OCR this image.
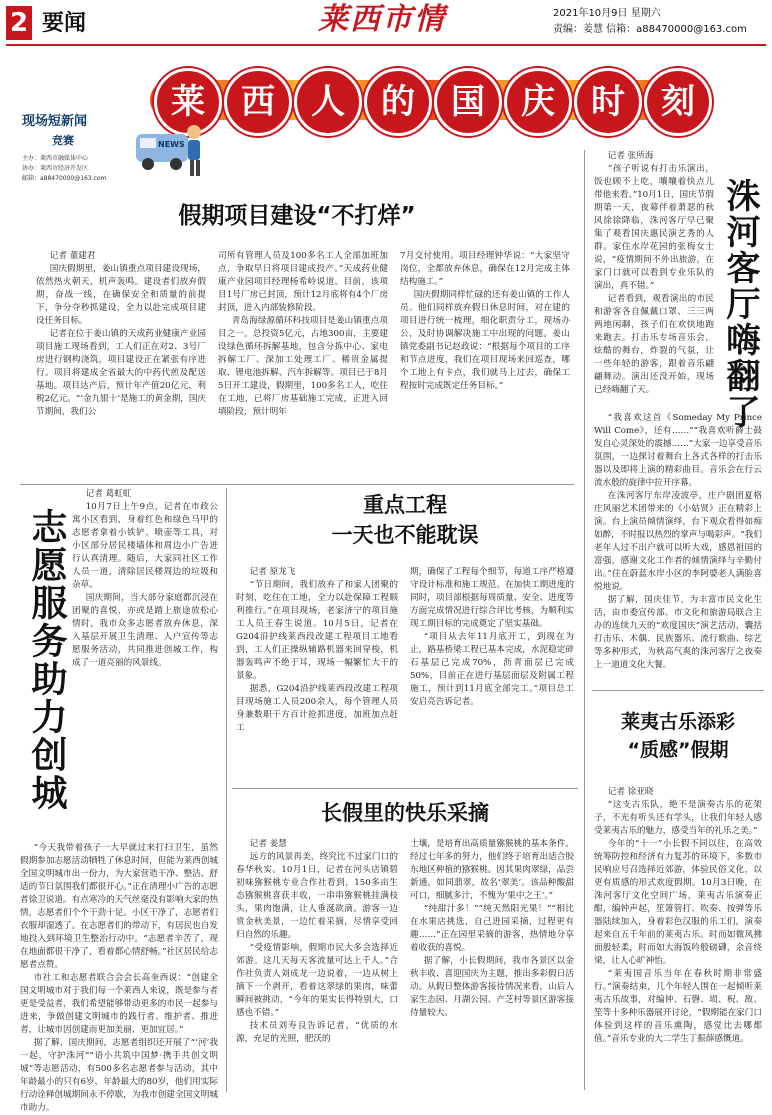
2 要闻	莱西市情	2021年10月9日 星期六
责编：姜慧 信箱：a88470000@163.com
莱	西	人	的	国	庆	时	刻
现场短新闻
竞赛
主办：莱西市融媒体中心
协办：莱西市经济开发区
邮箱：a88470000@163.com
NEWS
假期项目建设“不打烊”
记者 董建君

国庆假期里，姜山镇重点项目建设现场，依然热火朝天，机声轰鸣。建设者们放弃假期，奋战一线，在确保安全和质量的前提下，争分夺秒抓建设，全力以赴完成项目建设任务目标。

记者在位于姜山镇的天成药业健康产业园项目施工现场看到，工人们正在对2、3号厂房进行钢构浇筑，项目建设正在紧张有序进行。项目将建成全省最大的中药代煎及配送基地。项目达产后，预计年产值20亿元，利税2亿元。“‘金九银十’是施工的黄金期，国庆节期间，我们公

司所有管理人员及100多名工人全部加班加点，争取早日将项目建成投产。”天成药业健康产业园项目经理杨希岭说道。目前，该项目1号厂房已封顶，预计12月底将有4个厂房封顶，进入内部装修阶段。

青岛海绿源循环科技项目是姜山镇重点项目之一。总投资5亿元，占地300亩，主要建设绿色循环拆解基地，包含分拣中心、家电拆解工厂、深加工处理工厂、稀贵金属提取、锂电池拆解、汽车拆解等。项目已于8月5日开工建设，假期里，100多名工人，吃住在工地，已将厂房基础施工完成，正进入回填阶段，预计明年

7月交付使用。项目经理钟华说：“大家坚守岗位，全都放弃休息，确保在12月完成主体结构施工。”

国庆假期同样忙碌的还有姜山镇的工作人员。他们同样放弃假日休息时间，对在建的项目进行统一梳理，细化职责分工，现场办公，及时协调解决施工中出现的问题。姜山镇党委副书记赵政说：“根据每个项目的工序和节点进度，我们在项目现场来回巡查，哪个工地上有卡点，我们就马上过去，确保工程按时完成既定任务目标。”	洙河客厅嗨翻了
记者 张所海

“孩子听说有打击乐演出，饭也顾不上吃，嚷嚷着快点儿带他来看。”10月1日，国庆节假期第一天，夜幕伴着萧瑟的秋风徐徐降临，洙河客厅早已聚集了观看国庆惠民演艺秀的人群。家住水岸花园的张梅女士说，“疫情期间不外出旅游，在家门口就可以看到专业乐队的演出，真不错。”

记者看到，观看演出的市民和游客各自佩戴口罩、三三两两地闲聊，孩子们在欢快地跑来跑去。打击乐专场音乐会，炫酷的舞台，炸裂的气氛，让一些年轻的游客，跟着音乐翩翩舞动。演出还没开始，现场已经嗨翻了天。

“我喜欢这首《Someday My Prince Will Come》，还有……”“我喜欢听爵士鼓发自心灵深处的震撼……”大家一边享受音乐氛围，一边探讨着舞台上各式各样的打击乐器以及即将上演的精彩曲目。音乐会在行云流水般的旋律中拉开序幕。

在洙河客厅东岸凌波亭，庄户剧团夏格庄风丽艺术团带来的《小姑贤》正在精彩上演。台上演员倾情演绎，台下观众看得如痴如醉，不时报以热烈的掌声与喝彩声。“我们老年人过不出户就可以听大戏，感恩祖国的富强，感谢文化工作者的倾情演绎与辛勤付出。”住在蔚蓝水岸小区的李阿婆老人满脸喜悦地说。

据了解，国庆佳节，为丰富市民文化生活，由市委宣传部、市文化和旅游局联合主办的连续九天的“欢度国庆”演艺活动，囊括打击乐、木偶、民族器乐、流行歌曲、综艺等多种形式，为秋高气爽的洙河客厅之夜奏上一道道文化大餐。

莱夷古乐添彩
“质感”假期
记者 徐亚晓

“这支古乐队，绝不是演奏古乐的花架子，不光有听头还有学头，让我们年轻人感受莱夷古乐的魅力，感受当年的礼乐之美。”

今年的“十一”小长假不同以往，在高效统筹防控和经济有力复苏的环境下，多数市民响应号召选择近郊游，体验民俗文化，以更有质感的形式欢度假期。10月3日晚，在洙河客厅文化空间广场，莱夷古乐演奏正酣，编钟声起，笙箫管打、吹奏、按弹等乐器陆续加入，身着彩色汉服的乐工们，演奏起来自五千年前的莱夷古乐。时而如微风拂面般轻柔，时而如大海饭吟般磅礴，余音绕梁，让人心旷神怡。

“莱夷国音乐当年在春秋时期非常盛行。”演奏结束，几个年轻人围在一起倾听莱夷古乐故事，对编钟、石磬、埙、柷、敔、笙等十多种乐器展开讨论，“假期能在家门口体验到这样的音乐熏陶，感觉比去哪都值。”音乐专业的大二学生丁振薛感慨道。

志愿服务助力创城
记者 葛虹虹

10月7日上午9点，记者在市政公寓小区看到，身着红色和绿色马甲的志愿者拿着小铁铲、喷壶等工具，对小区部分居民楼墙体和周边小广告进行认真清理。随后，大家同社区工作人员一道，清除居民楼周边的垃圾和杂草。

国庆期间，当大部分家庭都沉浸在团聚的喜悦，亦或是踏上旅途放松心情时，我市众多志愿者放弃休息，深入基层开展卫生清理、人户宣传等志愿服务活动，共同推进创城工作，构成了一道亮丽的风景线。

“今天我带着孩子一大早就过来打扫卫生，虽然假期参加志愿活动牺牲了休息时间，但能为莱西创城全国文明城市出一份力，为大家营造干净、整洁、舒适的节日氛围我们都很开心。”正在清理小广告的志愿者徐卫说道。有点寒冷的天气丝毫没有影响大家的热情，志愿者们个个干劲十足。小区干净了，志愿者们衣服却湿透了。在志愿者们的带动下，有居民也自发地投入到环境卫生整治行动中。“志愿者辛苦了，现在地面都很干净了，看着都心情舒畅。”社区居民给志愿者点赞。

市社工和志愿者联合会会长高奎西说：“创建全国文明城市对于我们每一个莱西人来说，既是参与者更是受益者，我们希望能够带动更多的市民一起参与进来，争做创建文明城市的践行者、维护者、推进者，让城市因创建而更加美丽、更加宜居。”

据了解，国庆期间，志愿者组织还开展了“‘河’我一起，守护洙河”“语小共筑中国梦·携手共创文明城”等志愿活动，有500多名志愿者参与活动，其中年龄最小的只有6岁，年龄最大的80岁，他们用实际行动诠释创城期间永不停歇，为我市创建全国文明城市助力。

重点工程
一天也不能耽误
记者 原龙飞

“节日期间，我们放弃了和家人团聚的时刻，吃住在工地，全力以赴保障工程顺利推行。”在项目现场，老家济宁的项目施工人员王春生说道。10月5日，记者在G204沿护线莱西段改建工程项目工地看到，工人们正操纵辅路机器来回穿梭，机器轰鸣声不绝于耳，现场一幅繁忙大干的景象。

据悉，G204沿护线莱西段改建工程项目现场施工人员200余人，每个管理人员身兼数职干方百计抢抓进度，加班加点赶工

期，确保了工程每个细节，每道工序严格遵守设计标准和施工规范。在加快工期进度的同时，项目部根据每周质量、安全、进度等方面完成情况进行综合评比考核，为顺利实现工期目标的完成奠定了坚实基础。

“项目从去年11月底开工，到现在为止，路基桥梁工程已基本完成，水泥稳定碎石基层已完成70%，沥青面层已完成50%，目前正在进行基层面层及附属工程施工，预计到11月底全部完工。”项目总工安启亮告诉记者。

长假里的快乐采摘
记者 姜慧

远方的风景再美，终究比不过家门口的春华秋实。10月1日，记者在河头店镇碧初味猕猴桃专业合作社看到，150多亩生态猕猴桃喜获丰收，一串串猕猴桃挂满枝头，果肉饱满，让人垂涎欲滴。游客一边赏金秋美景，一边忙着采摘，尽情享受回归自然的乐趣。

“受疫情影响，假期市民大多会选择近郊游。这几天每天客流量可达上千人。”合作社负责人刘成龙一边说着，一边从树上摘下一个剥开，看着这翠绿的果肉，味蕾瞬间被挑动，“今年的果实长得特别大，口感也不错。”

技术员刘寿良告诉记者，“优质的水源，充足的光照，肥沃的

土壤，是培育出高质量猕猴桃的基本条件。经过七年多的努力，他们终于培育出适合胶东地区种植的猕猴桃。因其果肉翠绿，品尝新通，如同翡翠，故名‘翠美’。该品种酸甜可口，细腻多汁，不愧为‘果中之王’。”

“纯甜汁多！”“纯天然阳光果！”“相比在水果店挑选，自己进园采摘，过程更有趣……”正在园里采摘的游客，热情地分享着收获的喜悦。

据了解，小长假期间，我市各景区以金秋丰收、喜迎国庆为主题，推出多彩假日活动。从假日整体游客接待情况来看，山后人家生态园、月湖公园、产芝村等景区游客接待量较大。
